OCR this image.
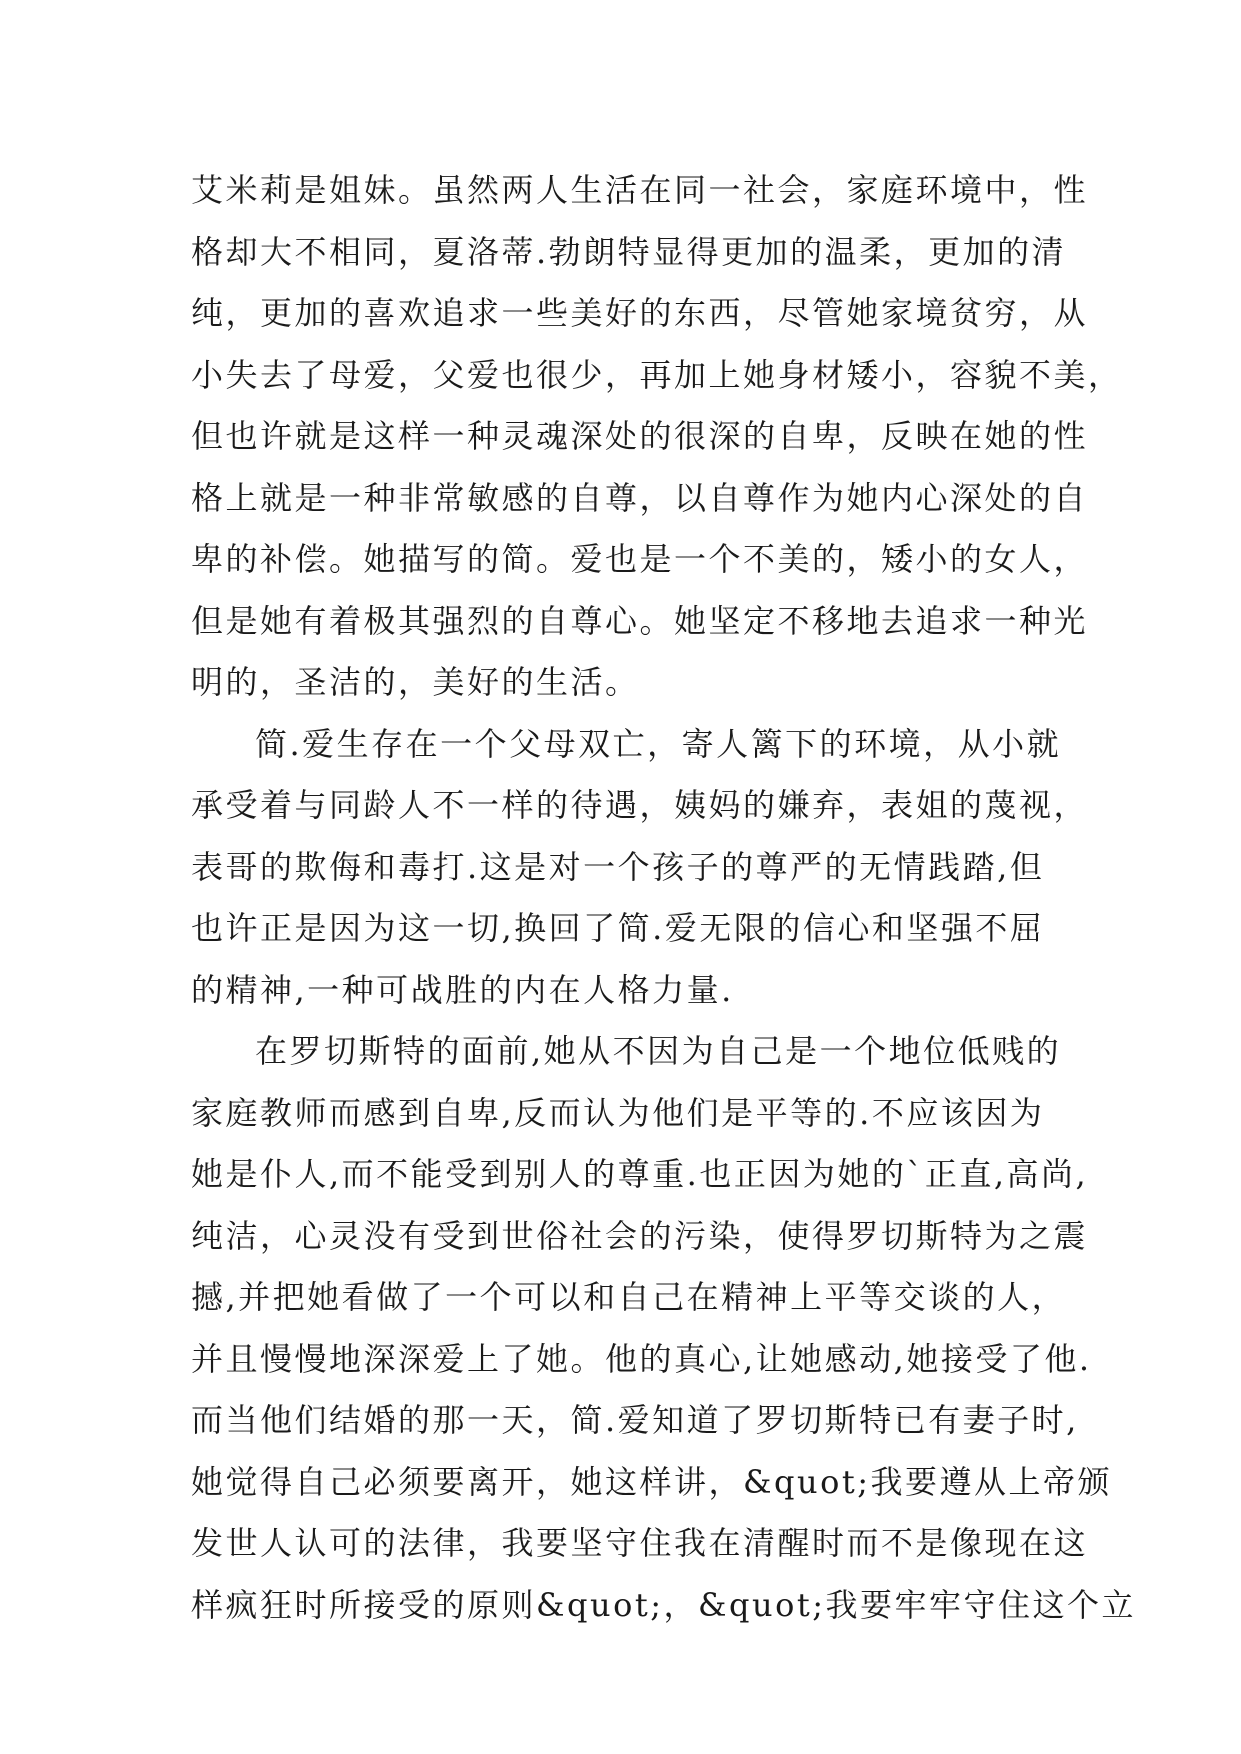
艾米莉是姐妹。虽然两人生活在同一社会，家庭环境中，性
格却大不相同，夏洛蒂.勃朗特显得更加的温柔，更加的清
纯，更加的喜欢追求一些美好的东西，尽管她家境贫穷，从
小失去了母爱，父爱也很少，再加上她身材矮小，容貌不美，
但也许就是这样一种灵魂深处的很深的自卑，反映在她的性
格上就是一种非常敏感的自尊，以自尊作为她内心深处的自
卑的补偿。她描写的简。爱也是一个不美的，矮小的女人，
但是她有着极其强烈的自尊心。她坚定不移地去追求一种光
明的，圣洁的，美好的生活。
简.爱生存在一个父母双亡，寄人篱下的环境，从小就
承受着与同龄人不一样的待遇，姨妈的嫌弃，表姐的蔑视，
表哥的欺侮和毒打.这是对一个孩子的尊严的无情践踏,但
也许正是因为这一切,换回了简.爱无限的信心和坚强不屈
的精神,一种可战胜的内在人格力量.
在罗切斯特的面前,她从不因为自己是一个地位低贱的
家庭教师而感到自卑,反而认为他们是平等的.不应该因为
她是仆人,而不能受到别人的尊重.也正因为她的`正直,高尚,
纯洁，心灵没有受到世俗社会的污染，使得罗切斯特为之震
撼,并把她看做了一个可以和自己在精神上平等交谈的人，
并且慢慢地深深爱上了她。他的真心,让她感动,她接受了他.
而当他们结婚的那一天，简.爱知道了罗切斯特已有妻子时,
她觉得自己必须要离开，她这样讲，&quot;我要遵从上帝颁
发世人认可的法律，我要坚守住我在清醒时而不是像现在这
样疯狂时所接受的原则&quot;，&quot;我要牢牢守住这个立
